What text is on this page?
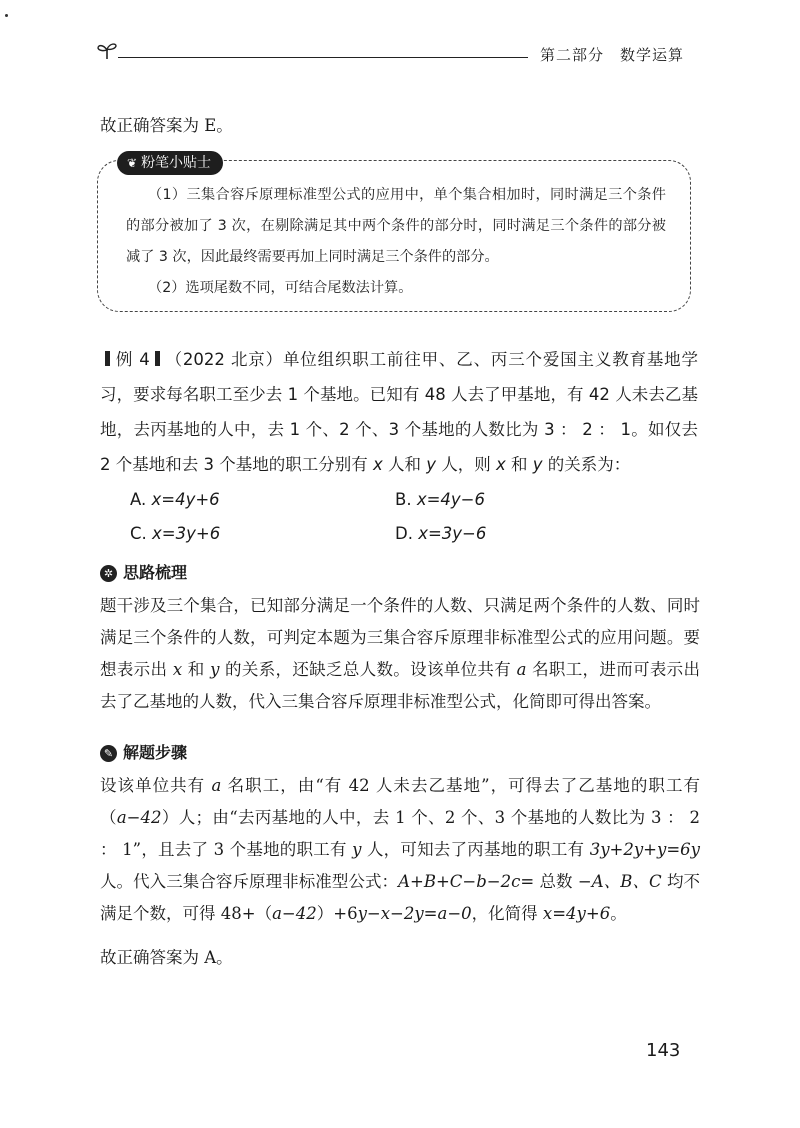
第二部分　数学运算
故正确答案为 E。
❦ 粉笔小贴士
（1）三集合容斥原理标准型公式的应用中，单个集合相加时，同时满足三个条件的部分被加了 3 次，在剔除满足其中两个条件的部分时，同时满足三个条件的部分被减了 3 次，因此最终需要再加上同时满足三个条件的部分。
（2）选项尾数不同，可结合尾数法计算。
例 4 （2022 北京）单位组织职工前往甲、乙、丙三个爱国主义教育基地学习，要求每名职工至少去 1 个基地。已知有 48 人去了甲基地，有 42 人未去乙基地，去丙基地的人中，去 1 个、2 个、3 个基地的人数比为 3 ： 2 ： 1。如仅去 2 个基地和去 3 个基地的职工分别有 x 人和 y 人，则 x 和 y 的关系为：
A. x=4y+6	B. x=4y−6
C. x=3y+6	D. x=3y−6
✲ 思路梳理
题干涉及三个集合，已知部分满足一个条件的人数、只满足两个条件的人数、同时满足三个条件的人数，可判定本题为三集合容斥原理非标准型公式的应用问题。要想表示出 x 和 y 的关系，还缺乏总人数。设该单位共有 a 名职工，进而可表示出去了乙基地的人数，代入三集合容斥原理非标准型公式，化简即可得出答案。
✎ 解题步骤
设该单位共有 a 名职工，由“有 42 人未去乙基地”，可得去了乙基地的职工有（a−42）人；由“去丙基地的人中，去 1 个、2 个、3 个基地的人数比为 3 ： 2 ： 1”，且去了 3 个基地的职工有 y 人，可知去了丙基地的职工有 3y+2y+y=6y 人。代入三集合容斥原理非标准型公式：A+B+C−b−2c= 总数 −A、B、C 均不满足个数，可得 48+（a−42）+6y−x−2y=a−0，化简得 x=4y+6。
故正确答案为 A。
143
